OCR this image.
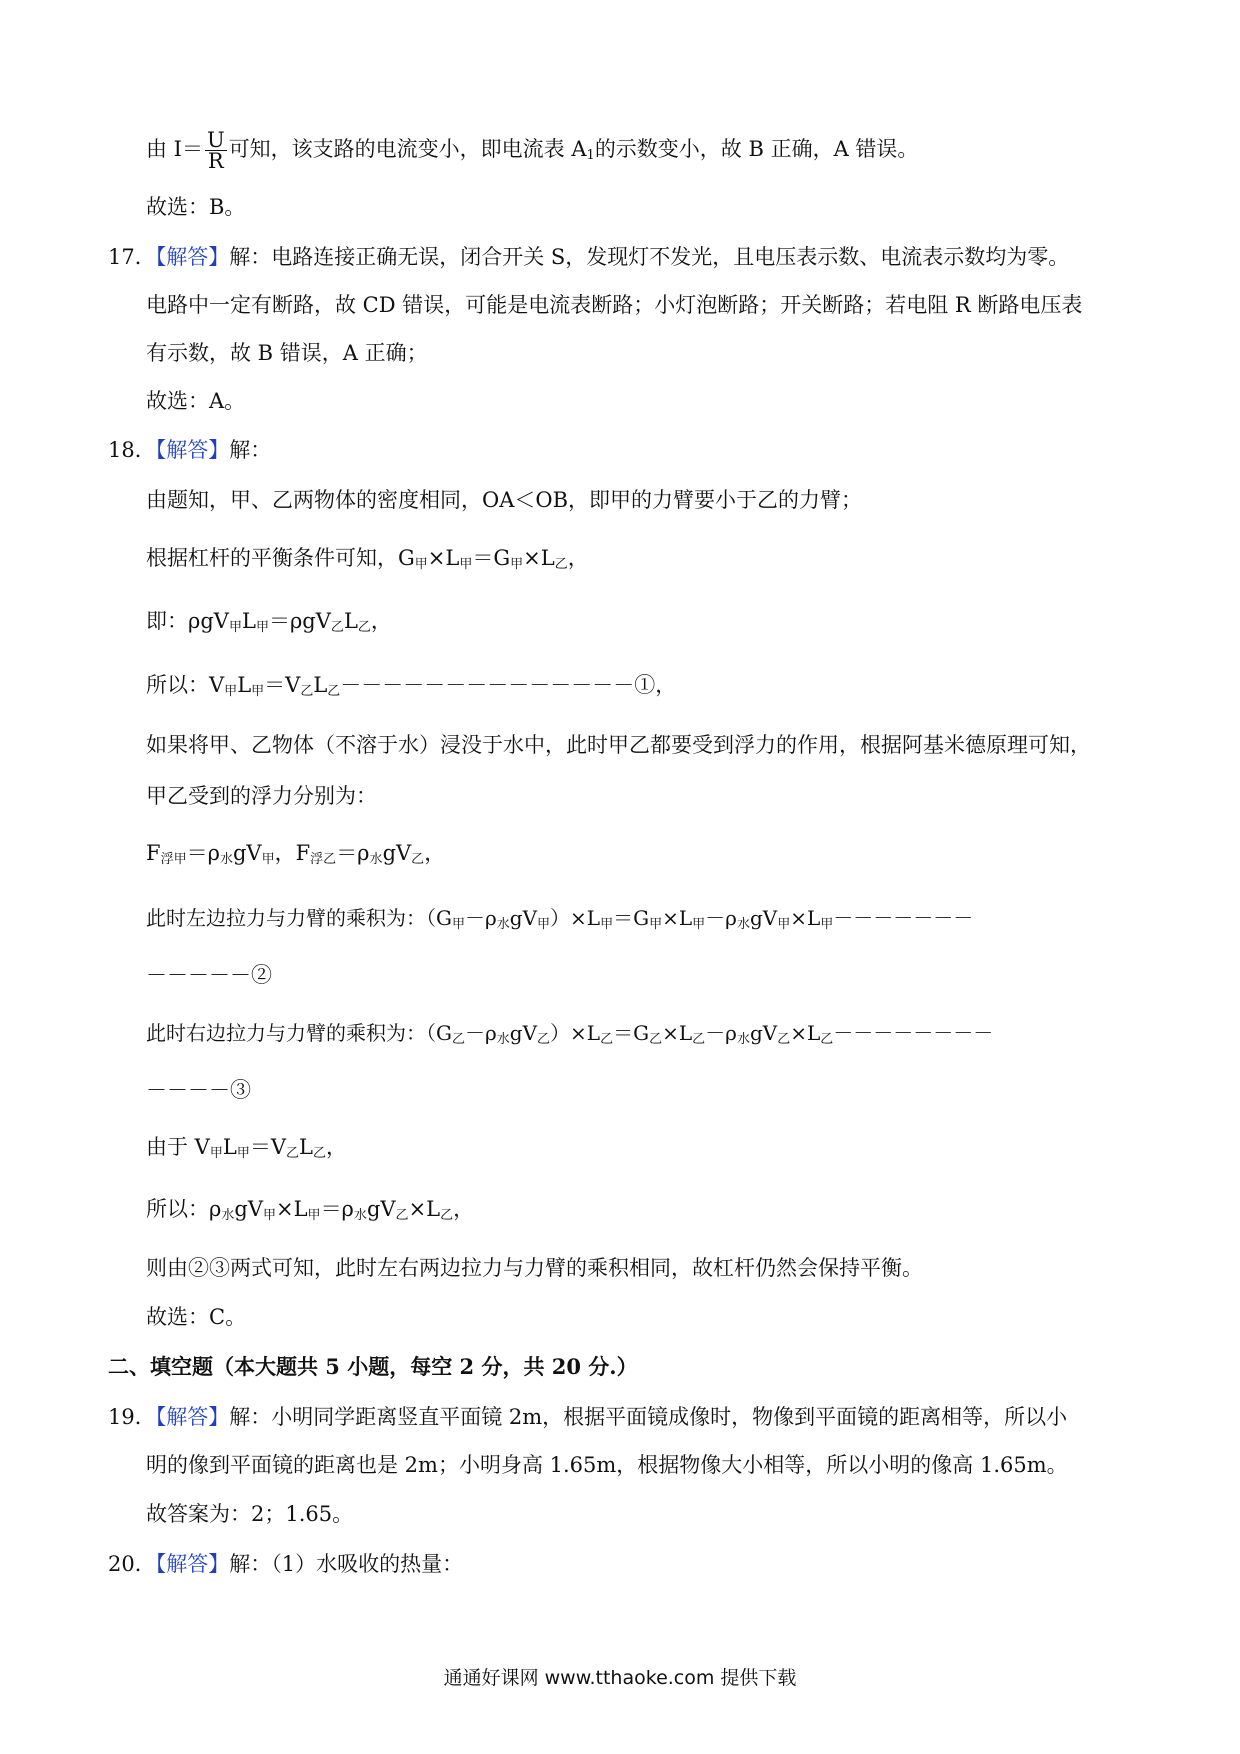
由 $I= \frac{U}{R}$ 可知，该支路的电流变小，即电流表 $A_1$的示数变小，故 B 正确，A 错误。
故选：B。
17．【解答】解：电路连接正确无误，闭合开关 S，发现灯不发光，且电压表示数、电流表示数均为零。
电路中一定有断路，故 CD 错误，可能是电流表断路；小灯泡断路；开关断路；若电阻 R 断路电压表
有示数，故 B 错误，A 正确；
故选：A。
18．【解答】解：
由题知，甲、乙两物体的密度相同，OA＜OB，即甲的力臂要小于乙的力臂；
根据杠杆的平衡条件可知，$G_甲\times L_甲=G_甲\times L_乙$，
即：$\rho gV_甲L_甲=\rho gV_乙L_乙$，
所以：$V_甲L_甲=V_乙L_乙--------------①$，
如果将甲、乙物体（不溶于水）浸没于水中，此时甲乙都要受到浮力的作用，根据阿基米德原理可知，
甲乙受到的浮力分别为：
$F_{浮甲}=\rho_水gV_甲$，$F_{浮乙}=\rho_水gV_乙$，
此时左边拉力与力臂的乘积为：$(G_甲-\rho_水gV_甲)\times L_甲=G_甲\times L_甲-\rho_水gV_甲\times L_甲-------$
－－－－－②
此时右边拉力与力臂的乘积为：$(G_乙-\rho_水gV_乙)\times L_乙=G_乙\times L_乙-\rho_水gV_乙\times L_乙--------$
－－－－③
由于 $V_甲L_甲=V_乙L_乙$，
所以：$\rho_水gV_甲\times L_甲=\rho_水gV_乙\times L_乙$，
则由②③两式可知，此时左右两边拉力与力臂的乘积相同，故杠杆仍然会保持平衡。
故选：C。
二、填空题（本大题共 5 小题，每空 2 分，共 20 分.）
19．【解答】解：小明同学距离竖直平面镜 2m，根据平面镜成像时，物像到平面镜的距离相等，所以小
明的像到平面镜的距离也是 2m；小明身高 1.65m，根据物像大小相等，所以小明的像高 1.65m。
故答案为：2；1.65。
20．【解答】解：（1）水吸收的热量：
通通好课网 www.tthaoke.com 提供下载
